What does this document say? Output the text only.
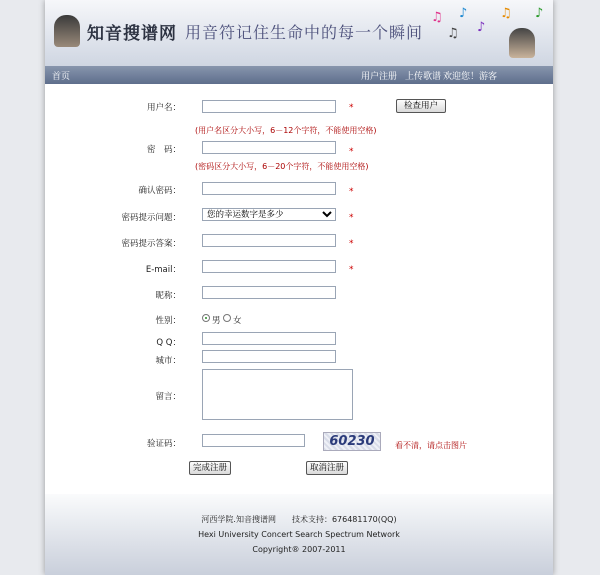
知音搜谱网 用音符记住生命中的每一个瞬间
♫ ♪
♫ ♪
♫ ♪
首页	用户注册 上传歌谱 欢迎您！游客
用户名：	*	检查用户
(用户名区分大小写，6－12个字符，不能使用空格)
密　码：	*
(密码区分大小写，6－20个字符，不能使用空格)
确认密码：	*
密码提示问题：
您的幸运数字是多少	*
密码提示答案：	*
E-mail：	*
昵称：
性别：	男 女
Q Q：
城市：
留言：
验证码：	60230	看不清，请点击图片
完成注册	取消注册
河西学院.知音搜谱网　　技术支持：676481170(QQ)
Hexi University Concert Search Spectrum Network
Copyright® 2007-2011
